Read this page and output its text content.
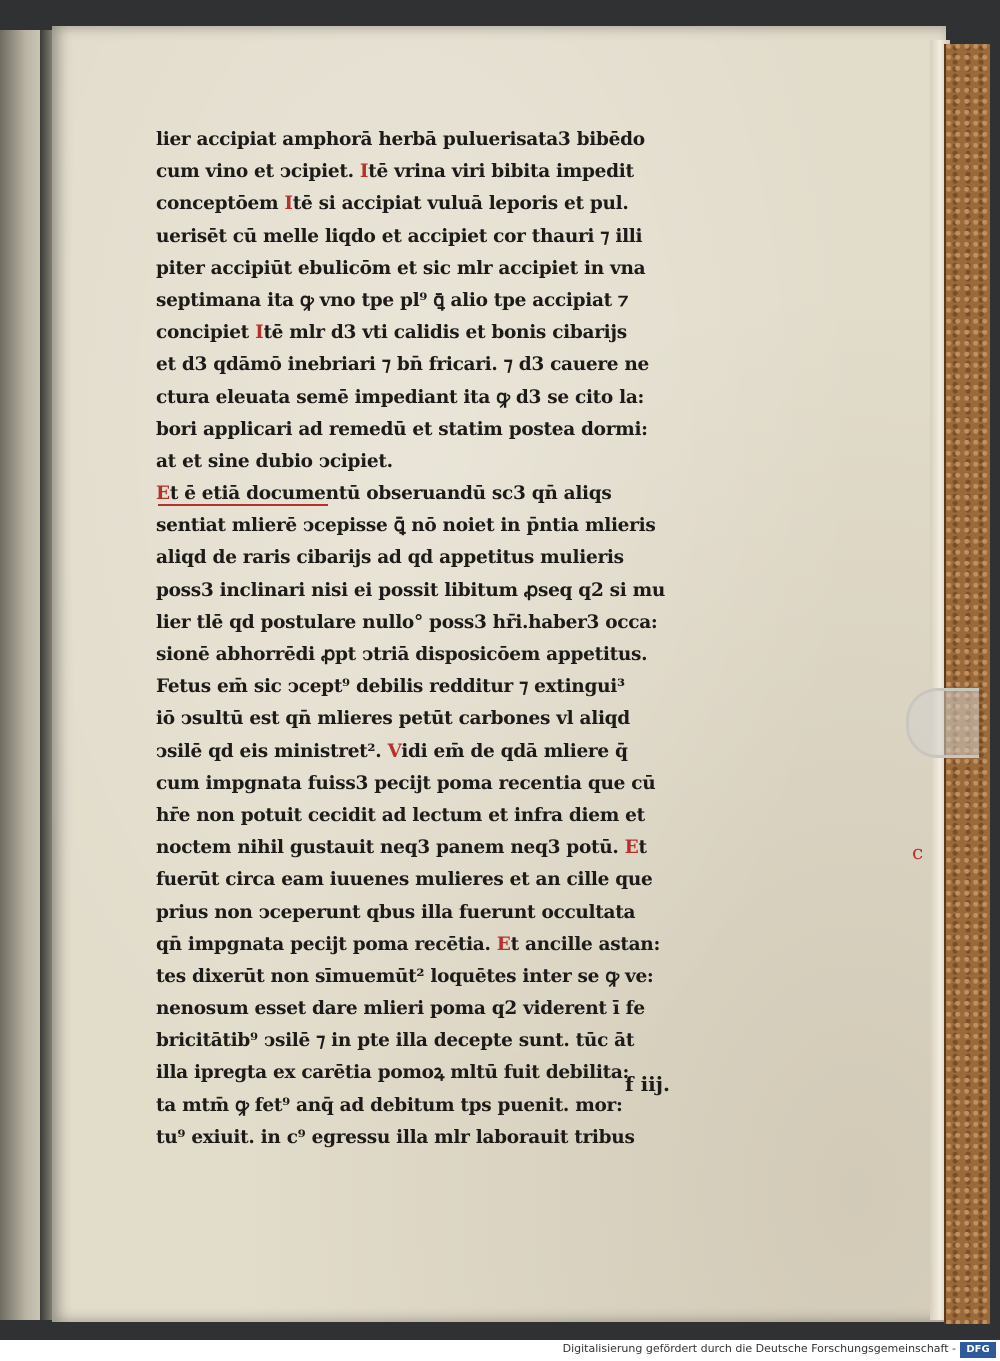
c
lier accipiat amphorā herbā puluerisata3 bibēdo
cum vino et ↄcipiet. Itē vrina viri bibita impedit
conceptōem Itē si accipiat vuluā leporis et pul.
uerisēt cū melle liqdo et accipiet cor thauri ⁊ illi
piter accipiūt ebulicōm et sic mlr accipiet in vna
septimana ita ꝙ vno tpe pl⁹ ꝗ̄ alio tpe accipiat ⁊
concipiet Itē mlr d3 vti calidis et bonis cibarijs
et d3 qdāmō inebriari ⁊ bn̄ fricari. ⁊ d3 cauere ne
ctura eleuata semē impediant ita ꝙ d3 se cito la:
bori applicari ad remedū et statim postea dormi:
at et sine dubio ↄcipiet.
Et ē etiā documentū obseruandū sc3 qn̄ aliqs
sentiat mlierē ↄcepisse ꝗ̄ nō noiet in p̄ntia mlieris
aliqd de raris cibarijs ad qd appetitus mulieris
poss3 inclinari nisi ei possit libitum ꝓseq q2 si mu
lier tlē qd postulare nullo° poss3 hr̄i.haber3 occa:
sionē abhorrēdi ꝓpt ↄtriā disposicōem appetitus.
Fetus em̄ sic ↄcept⁹ debilis redditur ⁊ extingui³
iō ↄsultū est qn̄ mlieres petūt carbones vl aliqd
ↄsilē qd eis ministret². Vidi em̄ de qdā mliere q̄
cum impgnata fuiss3 pecijt poma recentia que cū
hr̄e non potuit cecidit ad lectum et infra diem et
noctem nihil gustauit neq3 panem neq3 potū. Et
fuerūt circa eam iuuenes mulieres et an cille que
prius non ↄceperunt qbus illa fuerunt occultata
qn̄ impgnata pecijt poma recētia. Et ancille astan:
tes dixerūt non sīmuemūt² loquētes inter se ꝙ ve:
nenosum esset dare mlieri poma q2 viderent ī fe
bricitātib⁹ ↄsilē ⁊ in pte illa decepte sunt. tūc āt
illa ipregta ex carētia pomoꝝ mltū fuit debilita:
ta mtm̄ ꝙ fet⁹ anq̄ ad debitum tps puenit. mor:
tu⁹ exiuit. in c⁹ egressu illa mlr laborauit tribus
f iij.
Digitalisierung gefördert durch die Deutsche Forschungsgemeinschaft -	DFG
